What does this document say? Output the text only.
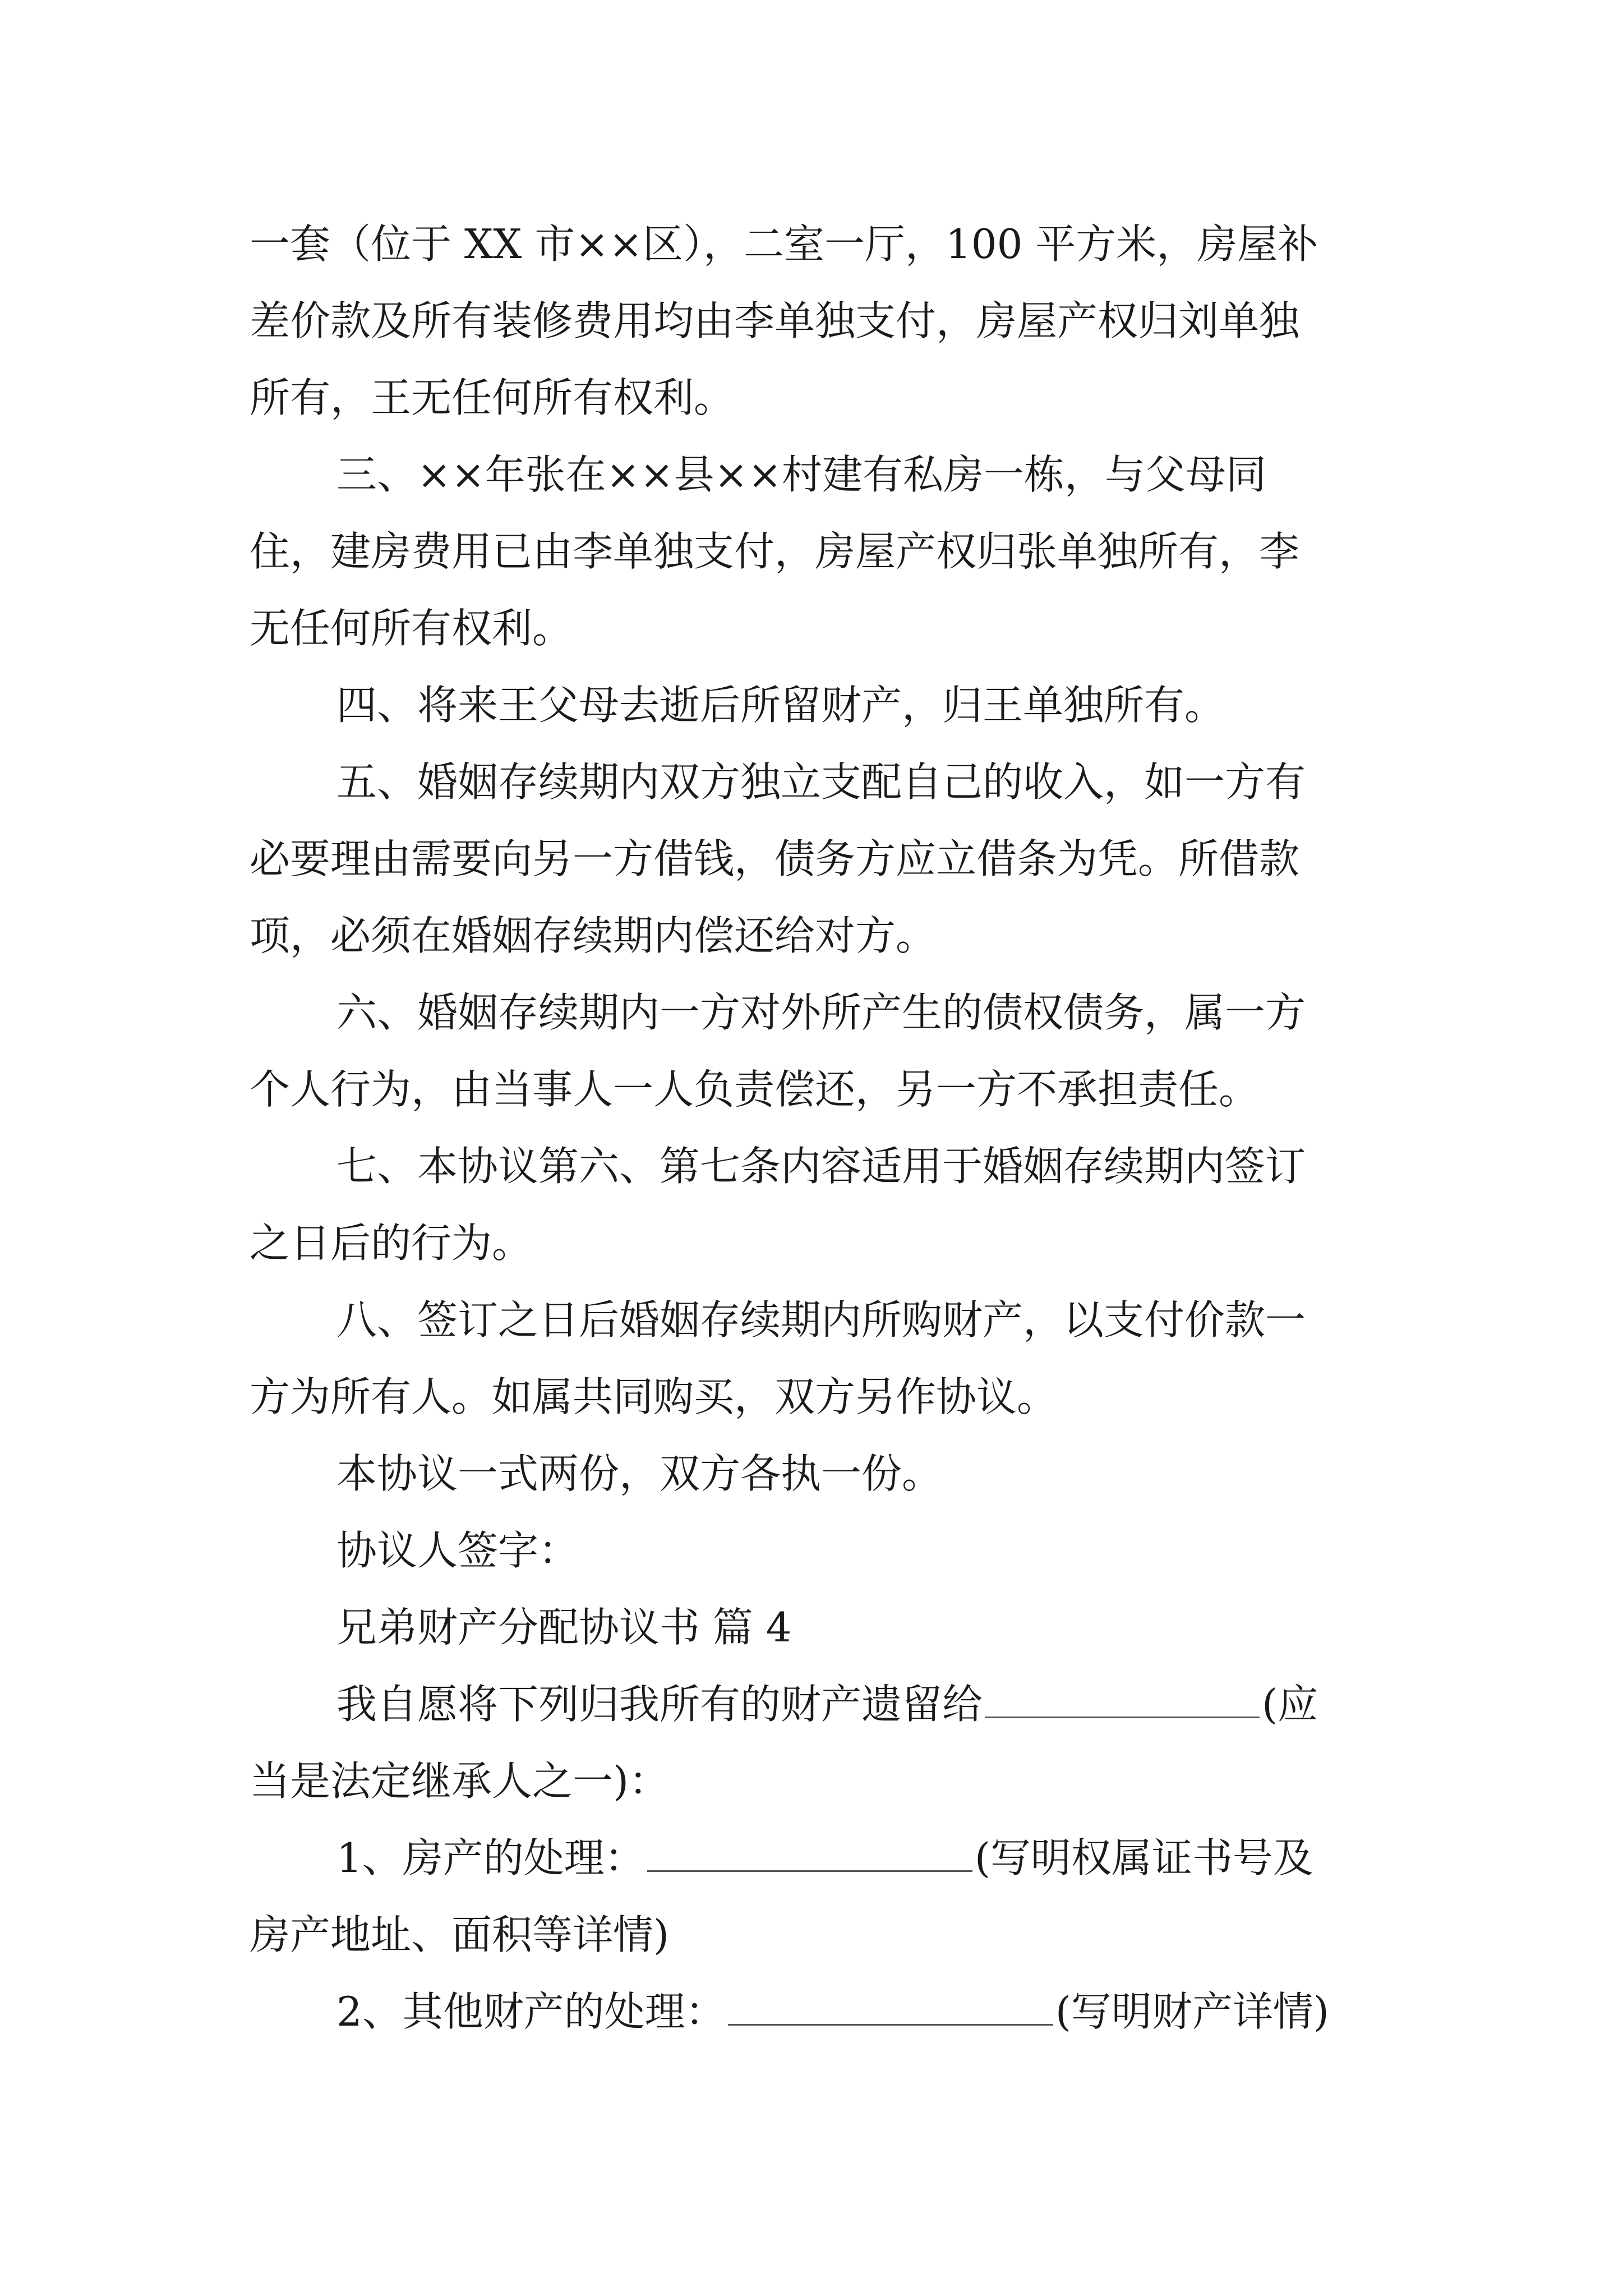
一套（位于 XX 市××区），二室一厅，100 平方米，房屋补
差价款及所有装修费用均由李单独支付，房屋产权归刘单独
所有，王无任何所有权利。
三、××年张在××县××村建有私房一栋，与父母同
住，建房费用已由李单独支付，房屋产权归张单独所有，李
无任何所有权利。
四、将来王父母去逝后所留财产，归王单独所有。
五、婚姻存续期内双方独立支配自己的收入，如一方有
必要理由需要向另一方借钱，债务方应立借条为凭。所借款
项，必须在婚姻存续期内偿还给对方。
六、婚姻存续期内一方对外所产生的债权债务，属一方
个人行为，由当事人一人负责偿还，另一方不承担责任。
七、本协议第六、第七条内容适用于婚姻存续期内签订
之日后的行为。
八、签订之日后婚姻存续期内所购财产，以支付价款一
方为所有人。如属共同购买，双方另作协议。
本协议一式两份，双方各执一份。
协议人签字：
兄弟财产分配协议书 篇 4
我自愿将下列归我所有的财产遗留给	(应
当是法定继承人之一)：
1、房产的处理：	(写明权属证书号及
房产地址、面积等详情)
2、其他财产的处理：	(写明财产详情)
